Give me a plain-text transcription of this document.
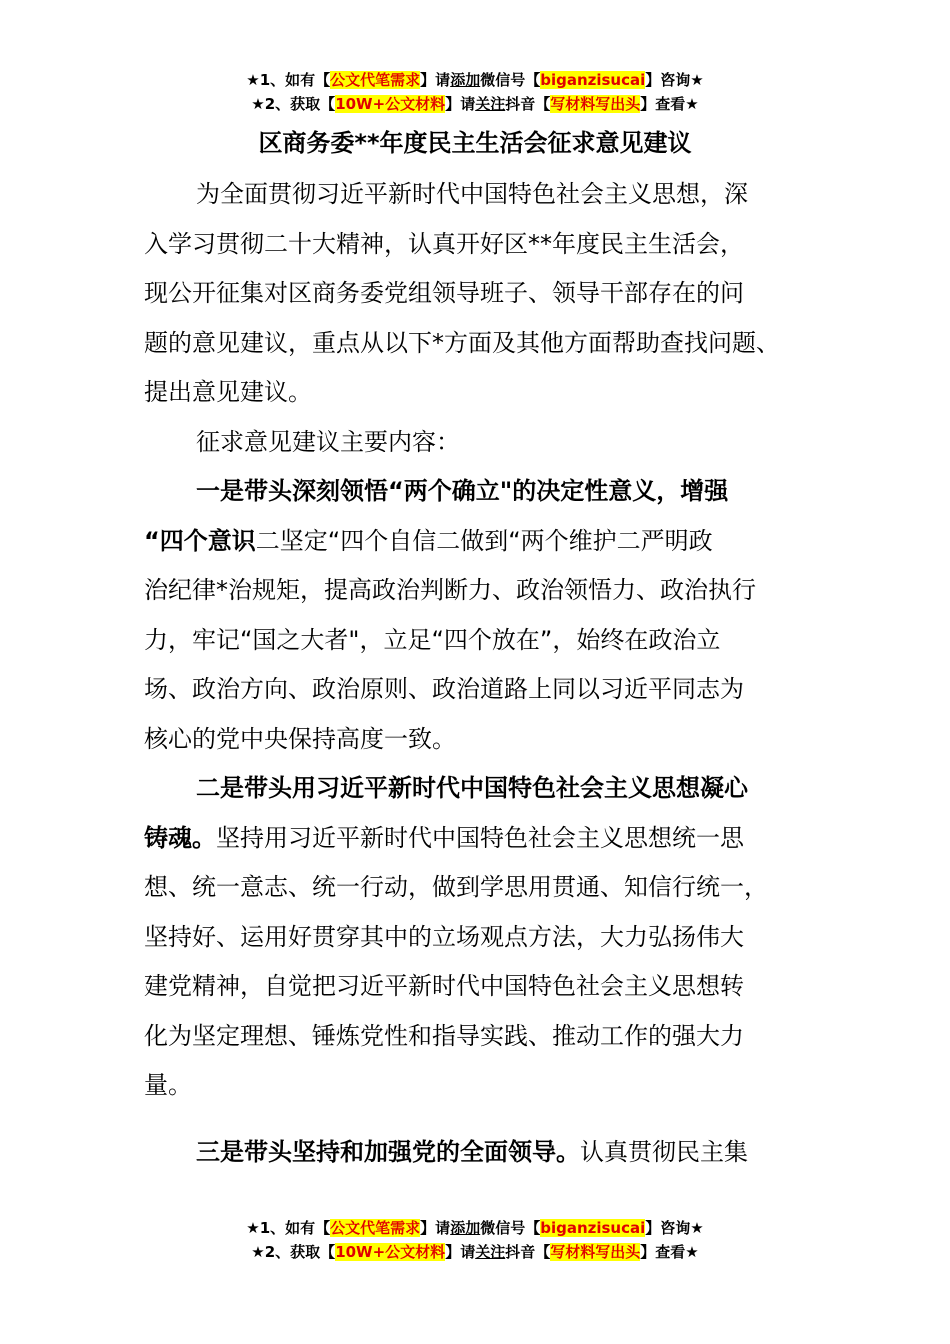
★1、如有【公文代笔需求】请添加微信号【biganzisucai】咨询★
★2、获取【10W+公文材料】请关注抖音【写材料写出头】查看★
区商务委**年度民主生活会征求意见建议
为全面贯彻习近平新时代中国特色社会主义思想，深
入学习贯彻二十大精神，认真开好区**年度民主生活会，
现公开征集对区商务委党组领导班子、领导干部存在的问
题的意见建议，重点从以下*方面及其他方面帮助查找问题、
提出意见建议。
征求意见建议主要内容：
一是带头深刻领悟“两个确立"的决定性意义，增强
“四个意识二坚定“四个自信二做到“两个维护二严明政
治纪律*治规矩，提高政治判断力、政治领悟力、政治执行
力，牢记“国之大者"，立足“四个放在”，始终在政治立
场、政治方向、政治原则、政治道路上同以习近平同志为
核心的党中央保持高度一致。
二是带头用习近平新时代中国特色社会主义思想凝心
铸魂。坚持用习近平新时代中国特色社会主义思想统一思
想、统一意志、统一行动，做到学思用贯通、知信行统一，
坚持好、运用好贯穿其中的立场观点方法，大力弘扬伟大
建党精神，自觉把习近平新时代中国特色社会主义思想转
化为坚定理想、锤炼党性和指导实践、推动工作的强大力
量。
三是带头坚持和加强党的全面领导。认真贯彻民主集
★1、如有【公文代笔需求】请添加微信号【biganzisucai】咨询★
★2、获取【10W+公文材料】请关注抖音【写材料写出头】查看★
